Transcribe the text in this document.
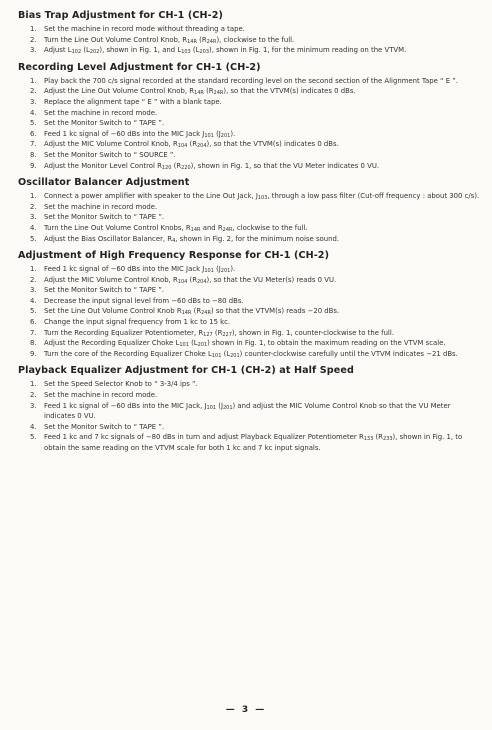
Bias Trap Adjustment for CH-1 (CH-2)
1. Set the machine in record mode without threading a tape.
2. Turn the Line Out Volume Control Knob, $R_{14R}$ $(R_{24R})$, clockwise to the full.
3. Adjust $L_{102}$ $(L_{202})$, shown in Fig. 1, and $L_{103}$ $(L_{203})$, shown in Fig. 1, for the minimum reading on the VTVM.
Recording Level Adjustment for CH-1 (CH-2)
1. Play back the 700 c/s signal recorded at the standard recording level on the second section of the Alignment Tape “ E ”.
2. Adjust the Line Out Volume Control Knob, $R_{14R}$ $(R_{24R})$, so that the VTVM(s) indicates 0 dBs.
3. Replace the alignment tape “ E ” with a blank tape.
4. Set the machine in record mode.
5. Set the Monitor Switch to “ TAPE ”.
6. Feed 1 kc signal of −60 dBs into the MIC Jack $J_{101}$ $(J_{201})$.
7. Adjust the MIC Volume Control Knob, $R_{104}$ $(R_{204})$, so that the VTVM(s) indicates 0 dBs.
8. Set the Monitor Switch to “ SOURCE ”.
9. Adjust the Monitor Level Control $R_{120}$ $(R_{220})$, shown in Fig. 1, so that the VU Meter indicates 0 VU.
Oscillator Balancer Adjustment
1. Connect a power amplifier with speaker to the Line Out Jack, $J_{103}$, through a low pass filter (Cut-off frequency : about 300 c/s).
2. Set the machine in record mode.
3. Set the Monitor Switch to “ TAPE ”.
4. Turn the Line Out Volume Control Knobs, $R_{14R}$ and $R_{24R}$, clockwise to the full.
5. Adjust the Bias Oscillator Balancer, $R_4$, shown in Fig. 2, for the minimum noise sound.
Adjustment of High Frequency Response for CH-1 (CH-2)
1. Feed 1 kc signal of −60 dBs into the MIC Jack $J_{101}$ $(J_{201})$.
2. Adjust the MIC Volume Control Knob, $R_{104}$ $(R_{204})$, so that the VU Meter(s) reads 0 VU.
3. Set the Monitor Switch to “ TAPE ”.
4. Decrease the input signal level from −60 dBs to −80 dBs.
5. Set the Line Out Volume Control Knob $R_{14R}$ $(R_{24R})$ so that the VTVM(s) reads −20 dBs.
6. Change the input signal frequency from 1 kc to 15 kc.
7. Turn the Recording Equalizer Potentiometer, $R_{127}$ $(R_{227})$, shown in Fig. 1, counter-clockwise to the full.
8. Adjust the Recording Equalizer Choke $L_{101}$ $(L_{201})$ shown in Fig. 1, to obtain the maximum reading on the VTVM scale.
9. Turn the core of the Recording Equalizer Choke $L_{101}$ $(L_{201})$ counter-clockwise carefully until the VTVM indicates −21 dBs.
Playback Equalizer Adjustment for CH-1 (CH-2) at Half Speed
1. Set the Speed Selector Knob to “ 3-3/4 ips ”.
2. Set the machine in record mode.
3. Feed 1 kc signal of −60 dBs into the MIC Jack, $J_{101}$ $(J_{201})$ and adjust the MIC Volume Control Knob so that the VU Meter indicates 0 VU.
4. Set the Monitor Switch to “ TAPE ”.
5. Feed 1 kc and 7 kc signals of −80 dBs in turn and adjust Playback Equalizer Potentiometer $R_{133}$ $(R_{233})$, shown in Fig. 1, to obtain the same reading on the VTVM scale for both 1 kc and 7 kc input signals.
— 3 —
